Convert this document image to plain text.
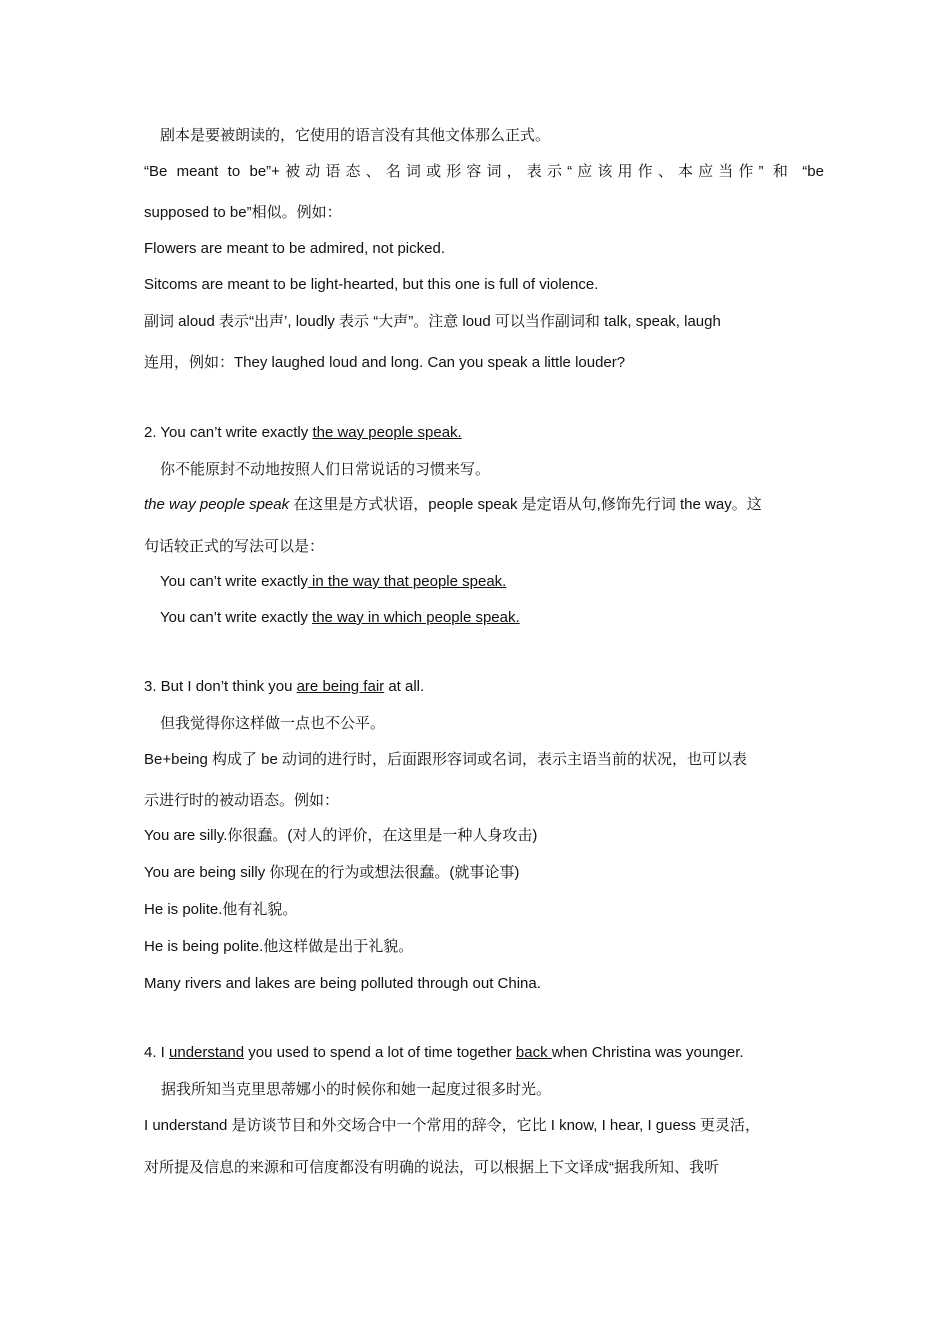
剧本是要被朗读的，它使用的语言没有其他文体那么正式。
“Be meant to be”+被动语态、名词或形容词，表示“应该用作、本应当作” 和 “be
supposed to be”相似。例如：
Flowers are meant to be admired, not picked.
Sitcoms are meant to be light-hearted, but this one is full of violence.
副词 aloud 表示“出声’, loudly 表示 “大声”。注意 loud 可以当作副词和 talk, speak, laugh
连用，例如：They laughed loud and long. Can you speak a little louder?
2. You can’t write exactly the way people speak.
你不能原封不动地按照人们日常说话的习惯来写。
the way people speak 在这里是方式状语，people speak 是定语从句,修饰先行词 the way。这
句话较正式的写法可以是：
You can’t write exactly in the way that people speak.
You can’t write exactly the way in which people speak.
3. But I don’t think you are being fair at all.
但我觉得你这样做一点也不公平。
Be+being 构成了 be 动词的进行时，后面跟形容词或名词，表示主语当前的状况，也可以表
示进行时的被动语态。例如：
You are silly.你很蠢。(对人的评价，在这里是一种人身攻击)
You are being silly 你现在的行为或想法很蠢。(就事论事)
He is polite.他有礼貌。
He is being polite.他这样做是出于礼貌。
Many rivers and lakes are being polluted through out China.
4. I understand you used to spend a lot of time together back when Christina was younger.
据我所知当克里思蒂娜小的时候你和她一起度过很多时光。
I understand 是访谈节目和外交场合中一个常用的辞令，它比 I know, I hear, I guess 更灵活，
对所提及信息的来源和可信度都没有明确的说法，可以根据上下文译成“据我所知、我听
